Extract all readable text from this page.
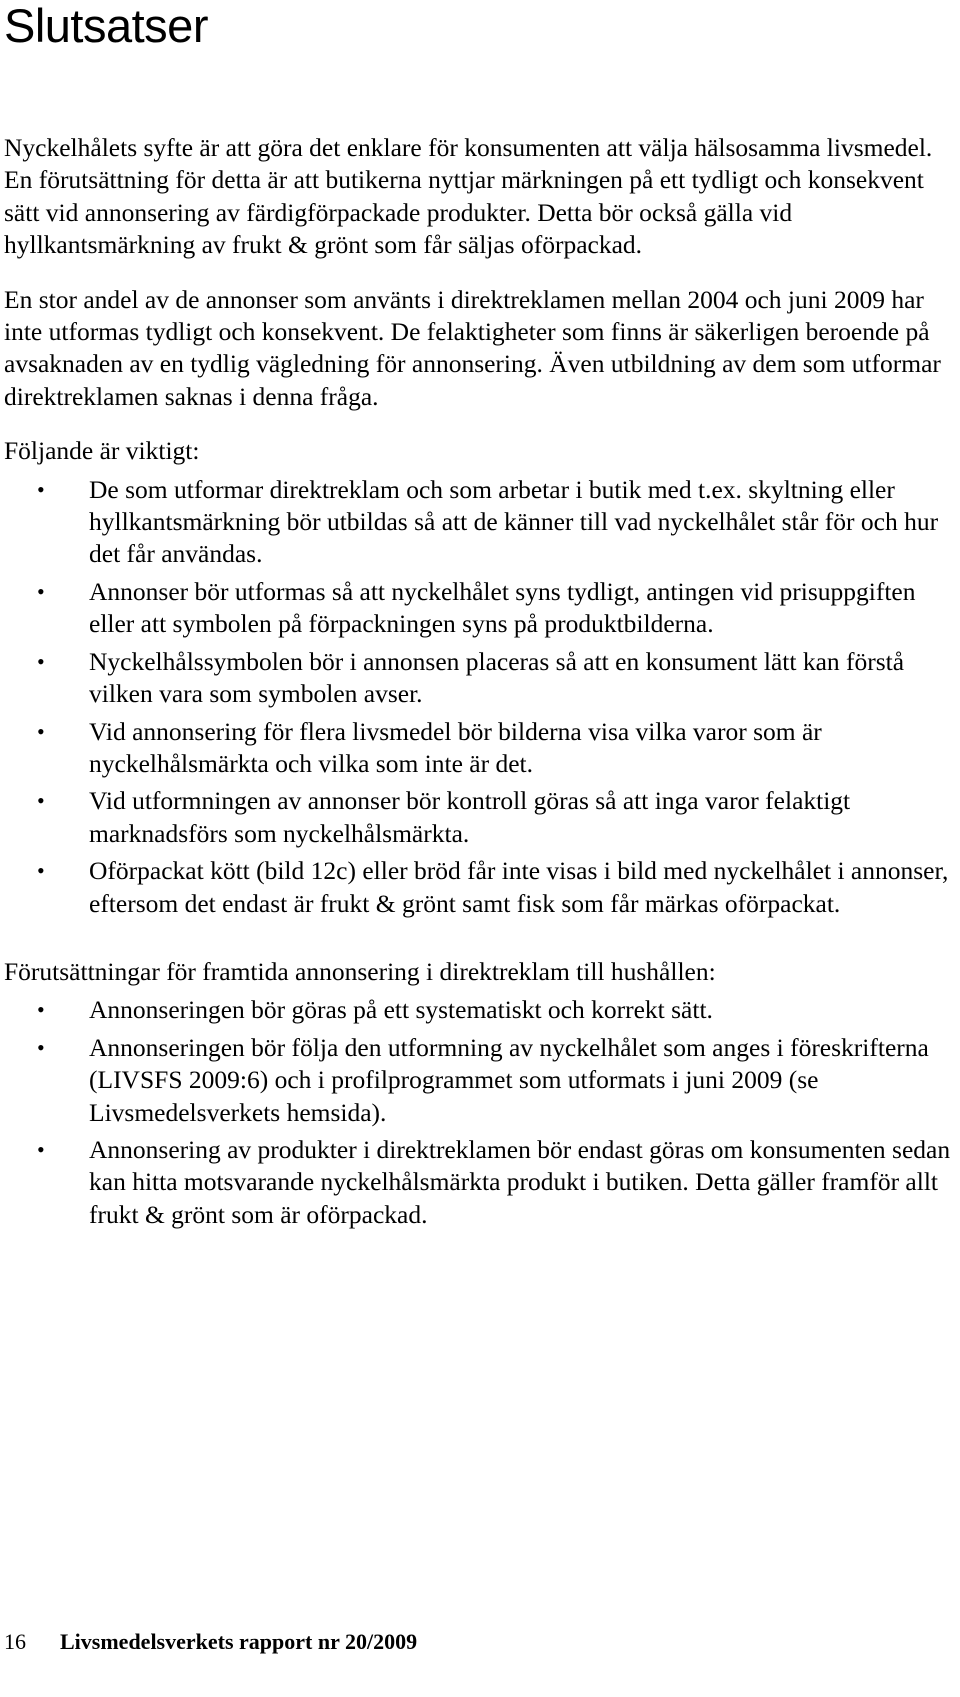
Slutsatser

Nyckelhålets syfte är att göra det enklare för konsumenten att välja hälsosamma livsmedel. En förutsättning för detta är att butikerna nyttjar märkningen på ett tydligt och konsekvent sätt vid annonsering av färdigförpackade produkter. Detta bör också gälla vid hyllkantsmärkning av frukt & grönt som får säljas oförpackad.

En stor andel av de annonser som använts i direktreklamen mellan 2004 och juni 2009 har inte utformas tydligt och konsekvent. De felaktigheter som finns är säkerligen beroende på avsaknaden av en tydlig vägledning för annonsering. Även utbildning av dem som utformar direktreklamen saknas i denna fråga.

Följande är viktigt:

• De som utformar direktreklam och som arbetar i butik med t.ex. skyltning eller hyllkantsmärkning bör utbildas så att de känner till vad nyckelhålet står för och hur det får användas.
• Annonser bör utformas så att nyckelhålet syns tydligt, antingen vid prisuppgiften eller att symbolen på förpackningen syns på produktbilderna.
• Nyckelhålssymbolen bör i annonsen placeras så att en konsument lätt kan förstå vilken vara som symbolen avser.
• Vid annonsering för flera livsmedel bör bilderna visa vilka varor som är nyckelhålsmärkta och vilka som inte är det.
• Vid utformningen av annonser bör kontroll göras så att inga varor felaktigt marknadsförs som nyckelhålsmärkta.
• Oförpackat kött (bild 12c) eller bröd får inte visas i bild med nyckelhålet i annonser, eftersom det endast är frukt & grönt samt fisk som får märkas oförpackat.

Förutsättningar för framtida annonsering i direktreklam till hushållen:

• Annonseringen bör göras på ett systematiskt och korrekt sätt.
• Annonseringen bör följa den utformning av nyckelhålet som anges i föreskrifterna (LIVSFS 2009:6) och i profilprogrammet som utformats i juni 2009 (se Livsmedelsverkets hemsida).
• Annonsering av produkter i direktreklamen bör endast göras om konsumenten sedan kan hitta motsvarande nyckelhålsmärkta produkt i butiken. Detta gäller framför allt frukt & grönt som är oförpackad.
16 Livsmedelsverkets rapport nr 20/2009
